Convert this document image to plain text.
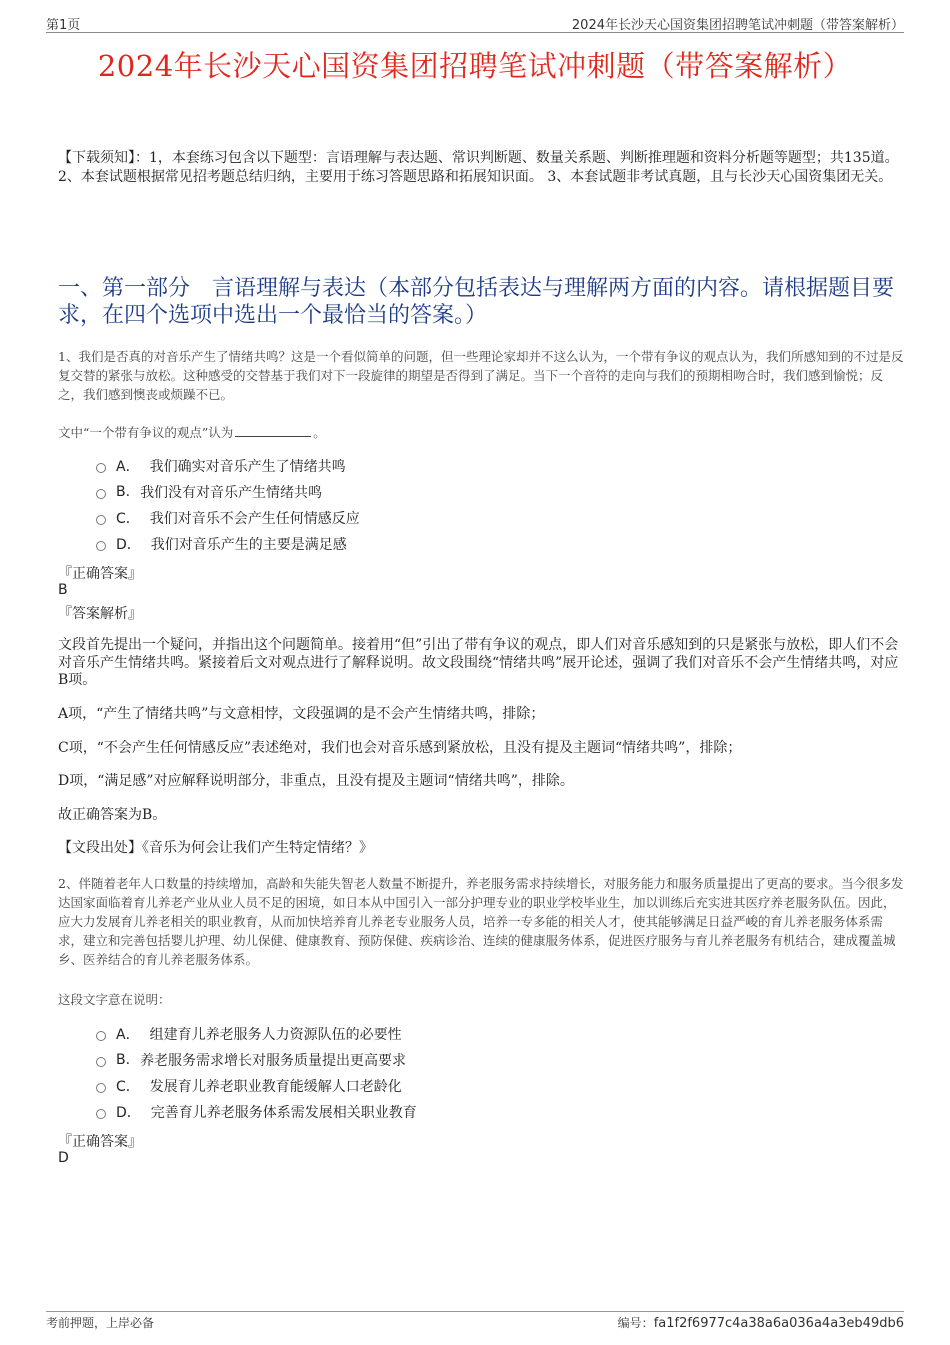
第1页	2024年长沙天心国资集团招聘笔试冲刺题（带答案解析）
2024年长沙天心国资集团招聘笔试冲刺题（带答案解析）
【下载须知】：1，本套练习包含以下题型：言语理解与表达题、常识判断题、数量关系题、判断推理题和资料分析题等题型；共135道。 2、本套试题根据常见招考题总结归纳，主要用于练习答题思路和拓展知识面。 3、本套试题非考试真题，且与长沙天心国资集团无关。
一、第一部分　言语理解与表达（本部分包括表达与理解两方面的内容。请根据题目要求，在四个选项中选出一个最恰当的答案。）
1、我们是否真的对音乐产生了情绪共鸣？这是一个看似简单的问题，但一些理论家却并不这么认为，一个带有争议的观点认为，我们所感知到的不过是反复交替的紧张与放松。这种感受的交替基于我们对下一段旋律的期望是否得到了满足。当下一个音符的走向与我们的预期相吻合时，我们感到愉悦；反之，我们感到懊丧或烦躁不已。
文中“一个带有争议的观点”认为	。
A． 我们确实对音乐产生了情绪共鸣
B. 我们没有对音乐产生情绪共鸣
C． 我们对音乐不会产生任何情感反应
D． 我们对音乐产生的主要是满足感
『正确答案』
B
『答案解析』
文段首先提出一个疑问，并指出这个问题简单。接着用“但”引出了带有争议的观点，即人们对音乐感知到的只是紧张与放松，即人们不会对音乐产生情绪共鸣。紧接着后文对观点进行了解释说明。故文段围绕“情绪共鸣”展开论述，强调了我们对音乐不会产生情绪共鸣，对应B项。
A项，“产生了情绪共鸣”与文意相悖，文段强调的是不会产生情绪共鸣，排除；
C项，“不会产生任何情感反应”表述绝对，我们也会对音乐感到紧放松，且没有提及主题词“情绪共鸣”，排除；
D项，“满足感”对应解释说明部分，非重点，且没有提及主题词“情绪共鸣”，排除。
故正确答案为B。
【文段出处】《音乐为何会让我们产生特定情绪？》
2、伴随着老年人口数量的持续增加，高龄和失能失智老人数量不断提升，养老服务需求持续增长，对服务能力和服务质量提出了更高的要求。当今很多发达国家面临着育儿养老产业从业人员不足的困境，如日本从中国引入一部分护理专业的职业学校毕业生，加以训练后充实进其医疗养老服务队伍。因此，应大力发展育儿养老相关的职业教育，从而加快培养育儿养老专业服务人员，培养一专多能的相关人才，使其能够满足日益严峻的育儿养老服务体系需求，建立和完善包括婴儿护理、幼儿保健、健康教育、预防保健、疾病诊治、连续的健康服务体系，促进医疗服务与育儿养老服务有机结合，建成覆盖城乡、医养结合的育儿养老服务体系。
这段文字意在说明：
A． 组建育儿养老服务人力资源队伍的必要性
B. 养老服务需求增长对服务质量提出更高要求
C． 发展育儿养老职业教育能缓解人口老龄化
D． 完善育儿养老服务体系需发展相关职业教育
『正确答案』
D
考前押题，上岸必备	编号：fa1f2f6977c4a38a6a036a4a3eb49db6
